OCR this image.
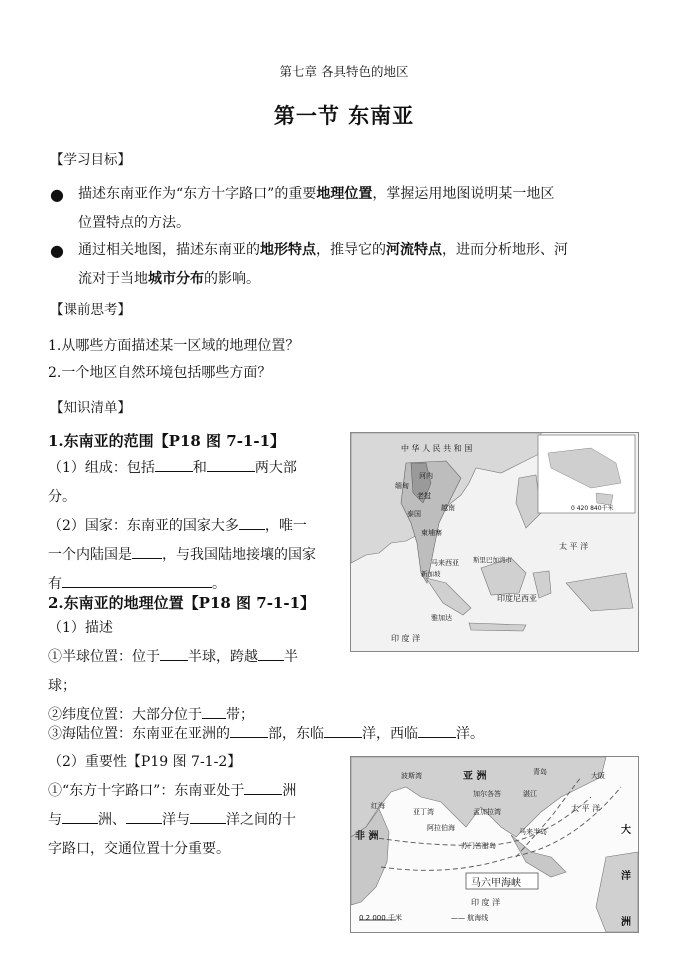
第七章 各具特色的地区
第一节 东南亚
【学习目标】
● 描述东南亚作为“东方十字路口”的重要地理位置，掌握运用地图说明某一地区
位置特点的方法。
● 通过相关地图，描述东南亚的地形特点，推导它的河流特点，进而分析地形、河
流对于当地城市分布的影响。
【课前思考】
1.从哪些方面描述某一区域的地理位置？
2.一个地区自然环境包括哪些方面？
【知识清单】
1.东南亚的范围【P18 图 7-1-1】
（1）组成：包括	和	两大部
分。
（2）国家：东南亚的国家大多 ，唯一
一个内陆国是 ，与我国陆地接壤的国家
有	。
2.东南亚的地理位置【P18 图 7-1-1】
（1）描述
①半球位置：位于 半球，跨越 半
球；
②纬度位置：大部分位于 带；
③海陆位置：东南亚在亚洲的	部，东临	洋，西临	洋。
（2）重要性【P19 图 7-1-2】
①“东方十字路口”：东南亚处于	洲
与	洲、	洋与	洋之间的十
字路口，交通位置十分重要。
中 华 人 民 共 和 国
河内
缅甸
老挝
泰国
越南
柬埔寨
马来西亚
新加坡
斯里巴加湾市
印度尼西亚
雅加达
印 度 洋
太 平 洋
0 420 840千米
亚 洲
波斯湾	青岛	大阪
加尔各答	湛江
红海
亚丁湾	孟加拉湾
阿拉伯海
非 洲	马来半岛
苏门答腊岛
马六甲海峡
印 度 洋
太 平 洋
大
洋
洲
0 2 000 千米	—— 航海线
